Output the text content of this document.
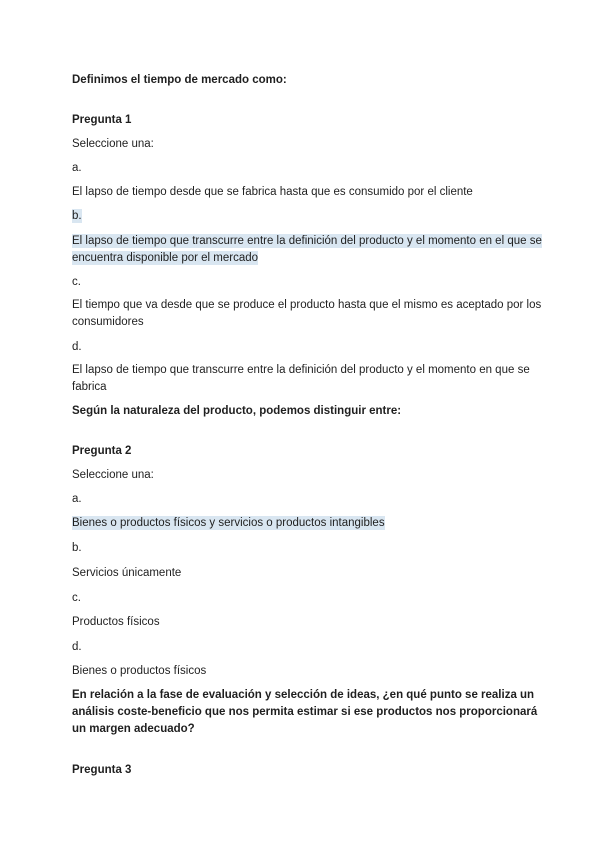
Definimos el tiempo de mercado como:
Pregunta 1
Seleccione una:
a.
El lapso de tiempo desde que se fabrica hasta que es consumido por el cliente
b.
El lapso de tiempo que transcurre entre la definición del producto y el momento en el que se encuentra disponible por el mercado
c.
El tiempo que va desde que se produce el producto hasta que el mismo es aceptado por los consumidores
d.
El lapso de tiempo que transcurre entre la definición del producto y el momento en que se fabrica
Según la naturaleza del producto, podemos distinguir entre:
Pregunta 2
Seleccione una:
a.
Bienes o productos físicos y servicios o productos intangibles
b.
Servicios únicamente
c.
Productos físicos
d.
Bienes o productos físicos
En relación a la fase de evaluación y selección de ideas, ¿en qué punto se realiza un análisis coste-beneficio que nos permita estimar si ese productos nos proporcionará un margen adecuado?
Pregunta 3
